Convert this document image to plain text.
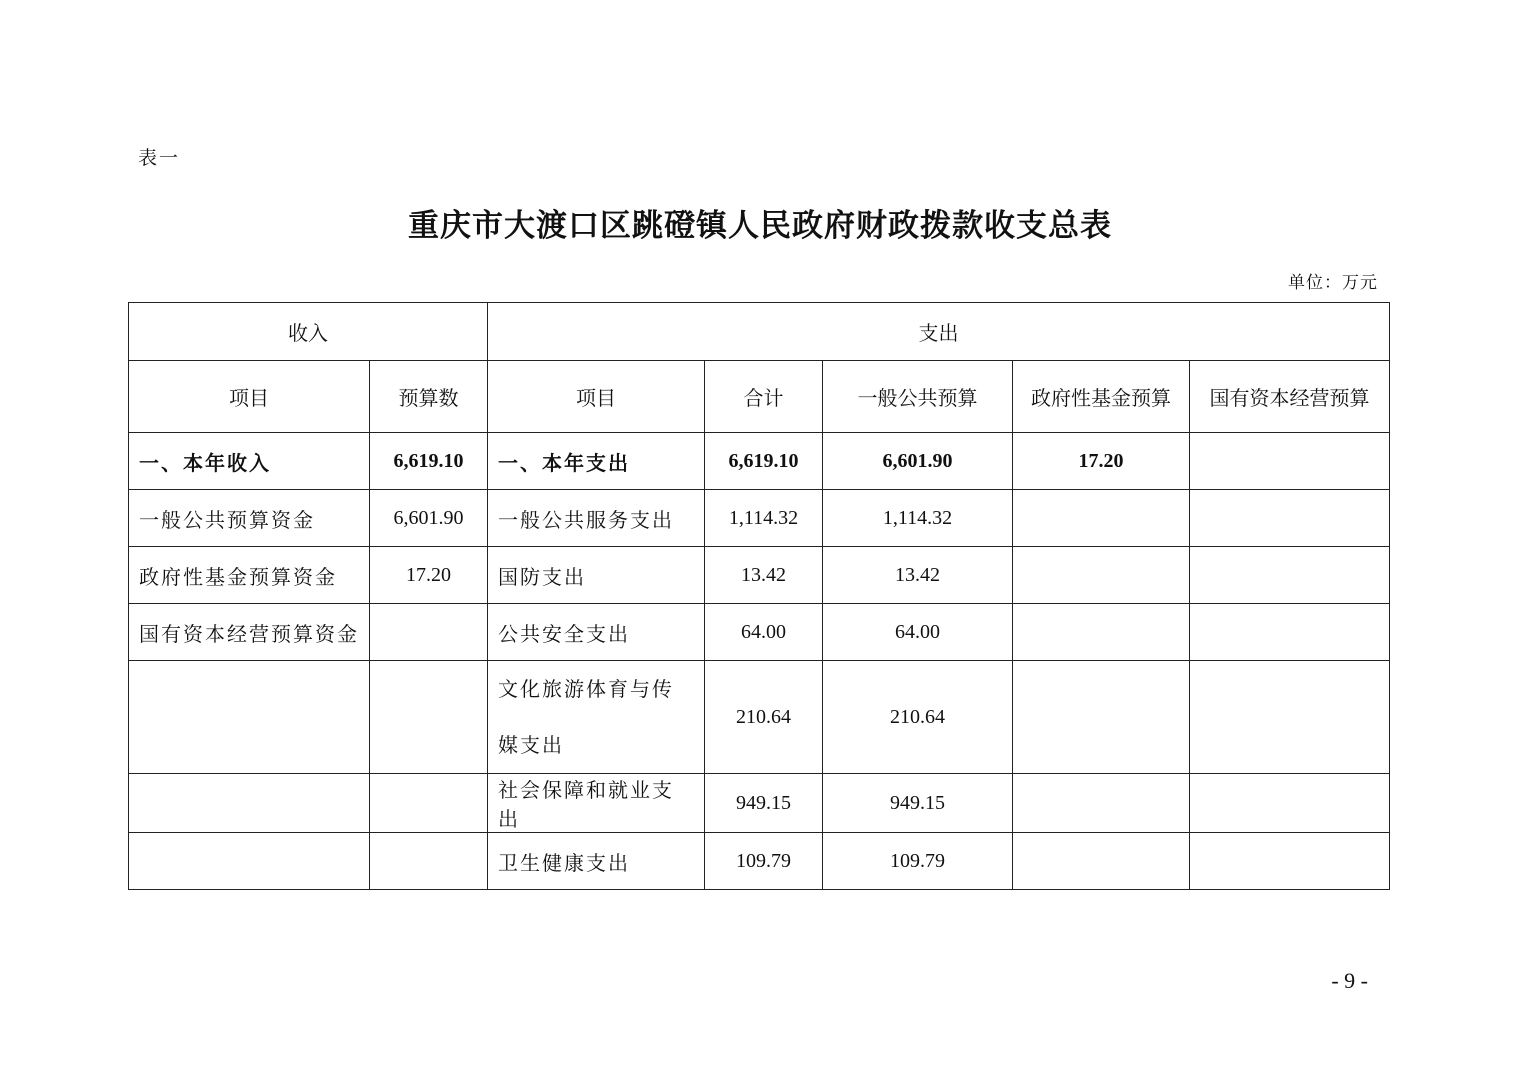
表一
重庆市大渡口区跳磴镇人民政府财政拨款收支总表
单位：万元
收入		支出				
项目	预算数	项目	合计	一般公共预算	政府性基金预算	国有资本经营预算
一、本年收入	6,619.10	一、本年支出	6,619.10	6,601.90	17.20	
一般公共预算资金	6,601.90	一般公共服务支出	1,114.32	1,114.32		
政府性基金预算资金	17.20	国防支出	13.42	13.42		
国有资本经营预算资金		公共安全支出	64.00	64.00		
		文化旅游体育与传媒支出	210.64	210.64		
		社会保障和就业支出	949.15	949.15		
		卫生健康支出	109.79	109.79		
- 9 -
